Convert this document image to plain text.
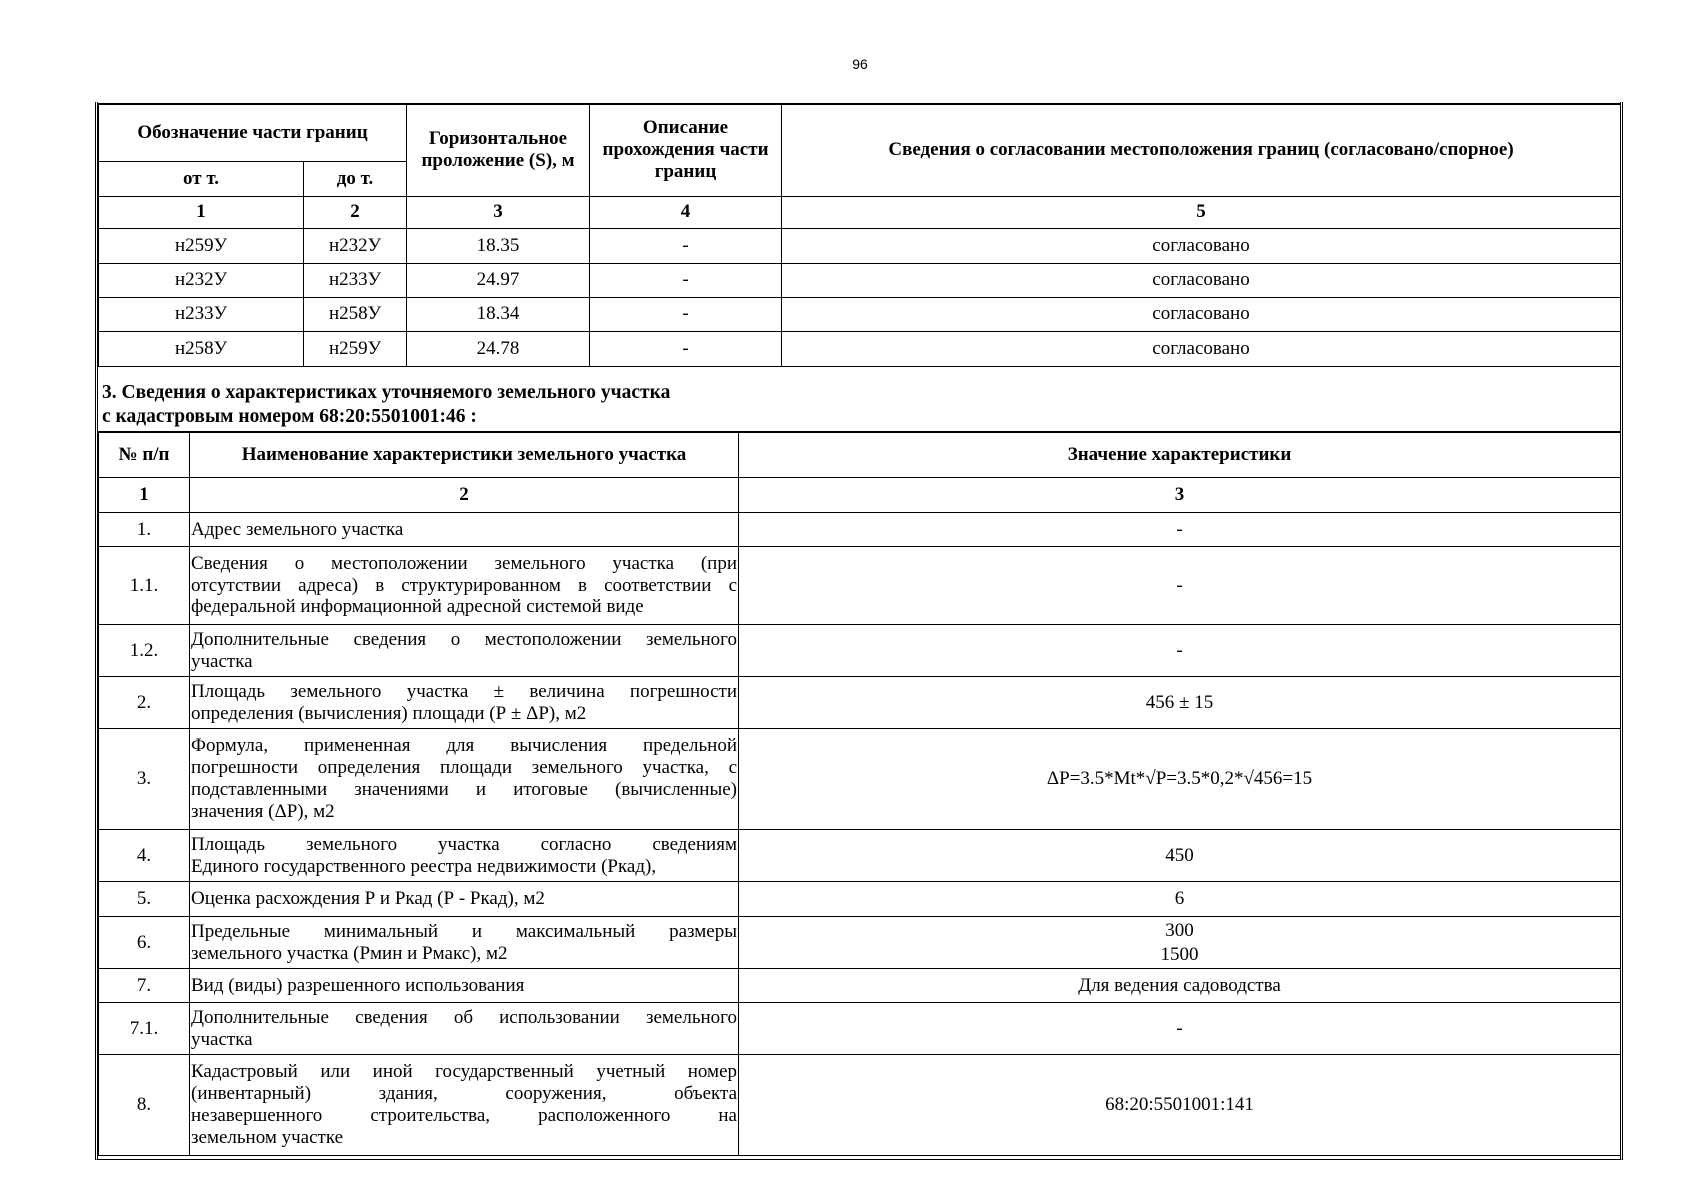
96
Обозначение части границ		Горизонтальное проложение (S), м	Описание прохождения части границ	Сведения о согласовании местоположения границ (согласовано/спорное)
от т.	до т.			
1	2	3	4	5
н259У	н232У	18.35	-	согласовано
н232У	н233У	24.97	-	согласовано
н233У	н258У	18.34	-	согласовано
н258У	н259У	24.78	-	согласовано
3. Сведения о характеристиках уточняемого земельного участка
с кадастровым номером 68:20:5501001:46 :
№ п/п	Наименование характеристики земельного участка	Значение характеристики
1	2	3
1.	Адрес земельного участка	-
1.1.	Сведения о местоположении земельного участка (при
отсутствии адреса) в структурированном в соответствии с
федеральной информационной адресной системой виде	-
1.2.	Дополнительные сведения о местоположении земельного
участка	-
2.	Площадь земельного участка ± величина погрешности
определения (вычисления) площади (Р ± ΔР), м2	456 ± 15
3.	Формула, примененная для вычисления предельной
погрешности определения площади земельного участка, с
подставленными значениями и итоговые (вычисленные)
значения (ΔР), м2	ΔP=3.5*Mt*√P=3.5*0,2*√456=15
4.	Площадь земельного участка согласно сведениям
Единого государственного реестра недвижимости (Ркад),	450
5.	Оценка расхождения Р и Ркад (Р - Ркад), м2	6
6.	Предельные минимальный и максимальный размеры
земельного участка (Рмин и Рмакс), м2	300
1500

7.	Вид (виды) разрешенного использования	Для ведения садоводства
7.1.	Дополнительные сведения об использовании земельного
участка	-
8.	Кадастровый или иной государственный учетный номер
(инвентарный) здания, сооружения, объекта
незавершенного строительства, расположенного на
земельном участке	68:20:5501001:141
